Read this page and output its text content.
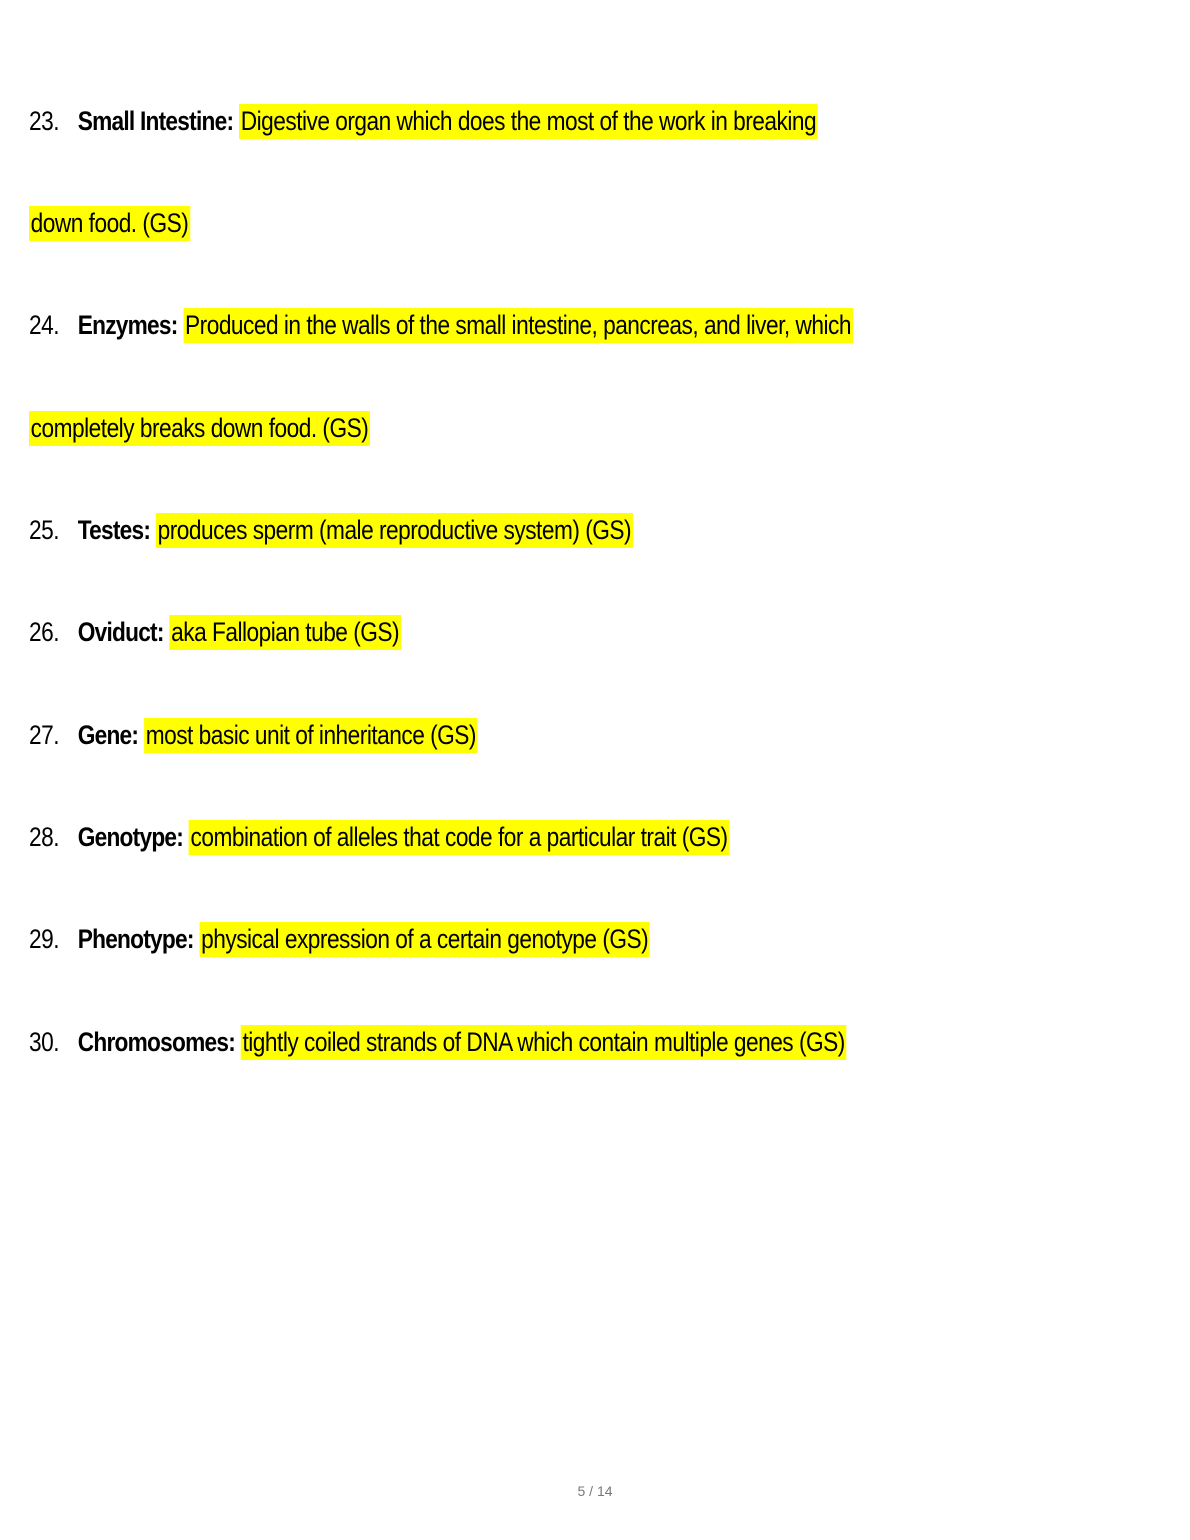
23. Small Intestine: Digestive organ which does the most of the work in breaking
down food. (GS)
24. Enzymes: Produced in the walls of the small intestine, pancreas, and liver, which
completely breaks down food. (GS)
25. Testes: produces sperm (male reproductive system) (GS)
26. Oviduct: aka Fallopian tube (GS)
27. Gene: most basic unit of inheritance (GS)
28. Genotype: combination of alleles that code for a particular trait (GS)
29. Phenotype: physical expression of a certain genotype (GS)
30. Chromosomes: tightly coiled strands of DNA which contain multiple genes (GS)
5 / 14
